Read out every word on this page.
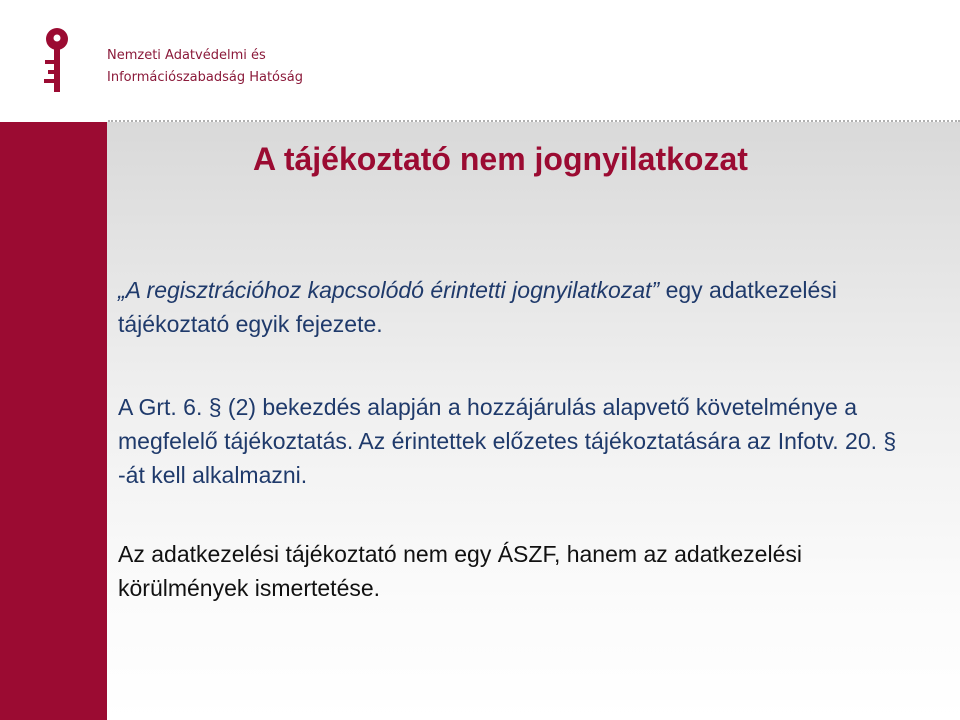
Nemzeti Adatvédelmi és
Információszabadság Hatóság
A tájékoztató nem jognyilatkozat

„A regisztrációhoz kapcsolódó érintetti jognyilatkozat” egy adatkezelési tájékoztató egyik fejezete.

A Grt. 6. § (2) bekezdés alapján a hozzájárulás alapvető követelménye a megfelelő tájékoztatás. Az érintettek előzetes tájékoztatására az Infotv. 20. § -át kell alkalmazni.

Az adatkezelési tájékoztató nem egy ÁSZF, hanem az adatkezelési körülmények ismertetése.
